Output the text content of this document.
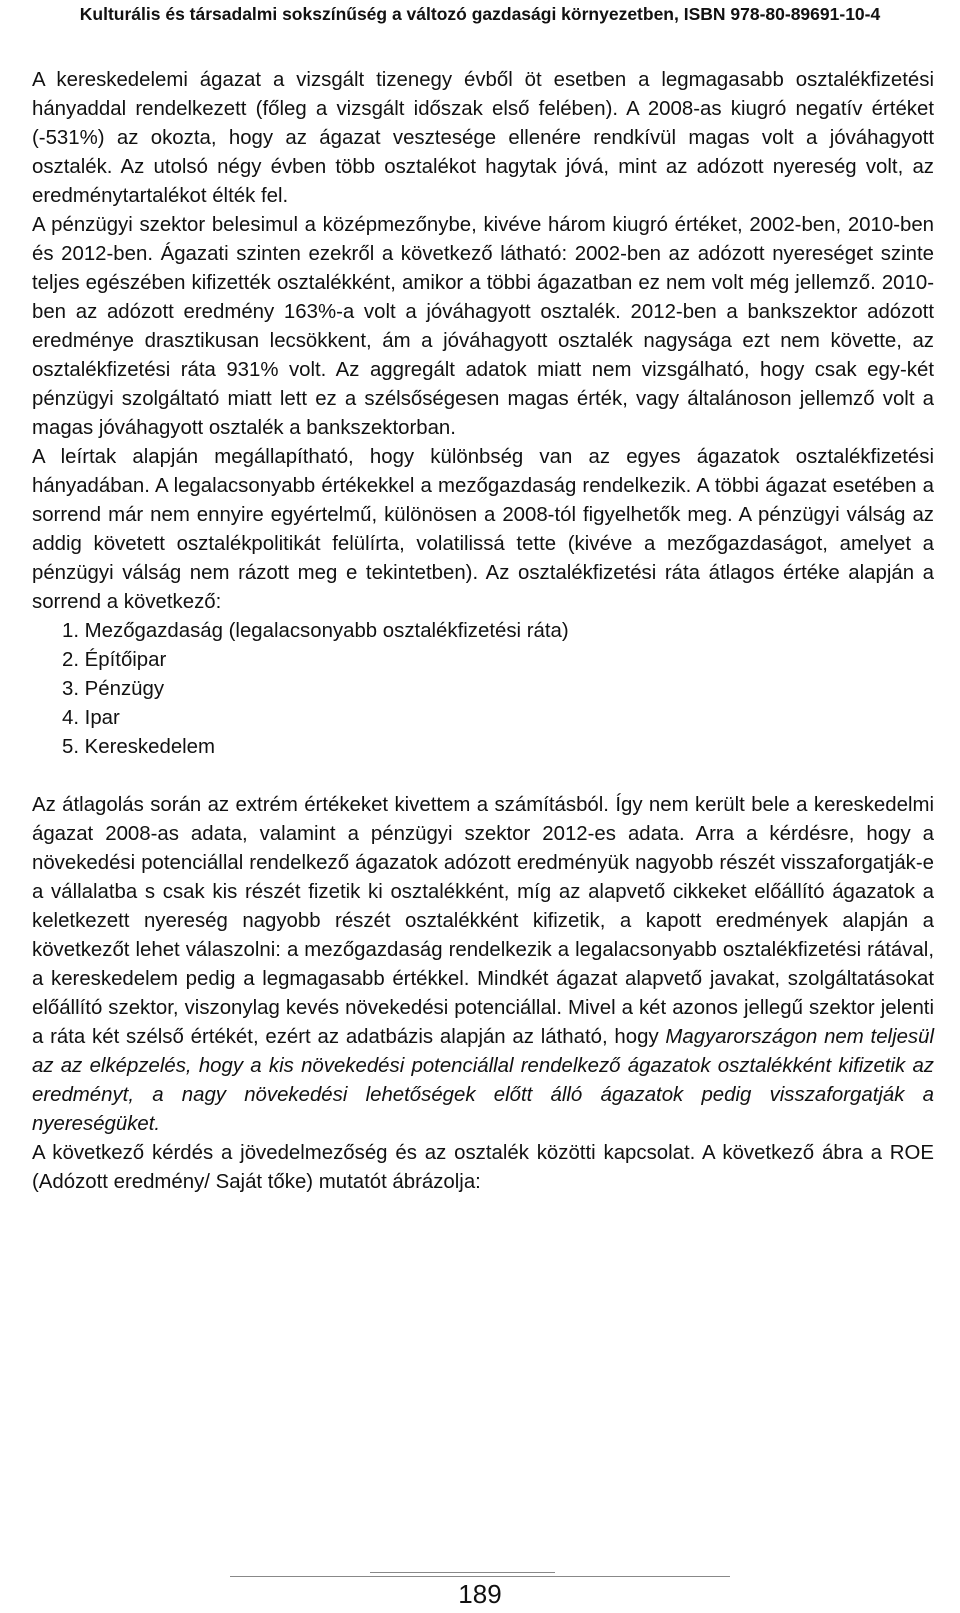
Kulturális és társadalmi sokszínűség a változó gazdasági környezetben, ISBN 978-80-89691-10-4

A kereskedelemi ágazat a vizsgált tizenegy évből öt esetben a legmagasabb osztalékfizetési hányaddal rendelkezett (főleg a vizsgált időszak első felében). A 2008-as kiugró negatív értéket (-531%) az okozta, hogy az ágazat vesztesége ellenére rendkívül magas volt a jóváhagyott osztalék. Az utolsó négy évben több osztalékot hagytak jóvá, mint az adózott nyereség volt, az eredménytartalékot élték fel.

A pénzügyi szektor belesimul a középmezőnybe, kivéve három kiugró értéket, 2002-ben, 2010-ben és 2012-ben. Ágazati szinten ezekről a következő látható: 2002-ben az adózott nyereséget szinte teljes egészében kifizették osztalékként, amikor a többi ágazatban ez nem volt még jellemző. 2010-ben az adózott eredmény 163%-a volt a jóváhagyott osztalék. 2012-ben a bankszektor adózott eredménye drasztikusan lecsökkent, ám a jóváhagyott osztalék nagysága ezt nem követte, az osztalékfizetési ráta 931% volt. Az aggregált adatok miatt nem vizsgálható, hogy csak egy-két pénzügyi szolgáltató miatt lett ez a szélsőségesen magas érték, vagy általánoson jellemző volt a magas jóváhagyott osztalék a bankszektorban.

A leírtak alapján megállapítható, hogy különbség van az egyes ágazatok osztalékfizetési hányadában. A legalacsonyabb értékekkel a mezőgazdaság rendelkezik. A többi ágazat esetében a sorrend már nem ennyire egyértelmű, különösen a 2008-tól figyelhetők meg. A pénzügyi válság az addig követett osztalékpolitikát felülírta, volatilissá tette (kivéve a mezőgazdaságot, amelyet a pénzügyi válság nem rázott meg e tekintetben). Az osztalékfizetési ráta átlagos értéke alapján a sorrend a következő:

1. Mezőgazdaság (legalacsonyabb osztalékfizetési ráta)
2. Építőipar
3. Pénzügy
4. Ipar
5. Kereskedelem

Az átlagolás során az extrém értékeket kivettem a számításból. Így nem került bele a kereskedelmi ágazat 2008-as adata, valamint a pénzügyi szektor 2012-es adata. Arra a kérdésre, hogy a növekedési potenciállal rendelkező ágazatok adózott eredményük nagyobb részét visszaforgatják-e a vállalatba s csak kis részét fizetik ki osztalékként, míg az alapvető cikkeket előállító ágazatok a keletkezett nyereség nagyobb részét osztalékként kifizetik, a kapott eredmények alapján a következőt lehet válaszolni: a mezőgazdaság rendelkezik a legalacsonyabb osztalékfizetési rátával, a kereskedelem pedig a legmagasabb értékkel. Mindkét ágazat alapvető javakat, szolgáltatásokat előállító szektor, viszonylag kevés növekedési potenciállal. Mivel a két azonos jellegű szektor jelenti a ráta két szélső értékét, ezért az adatbázis alapján az látható, hogy Magyarországon nem teljesül az az elképzelés, hogy a kis növekedési potenciállal rendelkező ágazatok osztalékként kifizetik az eredményt, a nagy növekedési lehetőségek előtt álló ágazatok pedig visszaforgatják a nyereségüket.

A következő kérdés a jövedelmezőség és az osztalék közötti kapcsolat. A következő ábra a ROE (Adózott eredmény/ Saját tőke) mutatót ábrázolja:

189
